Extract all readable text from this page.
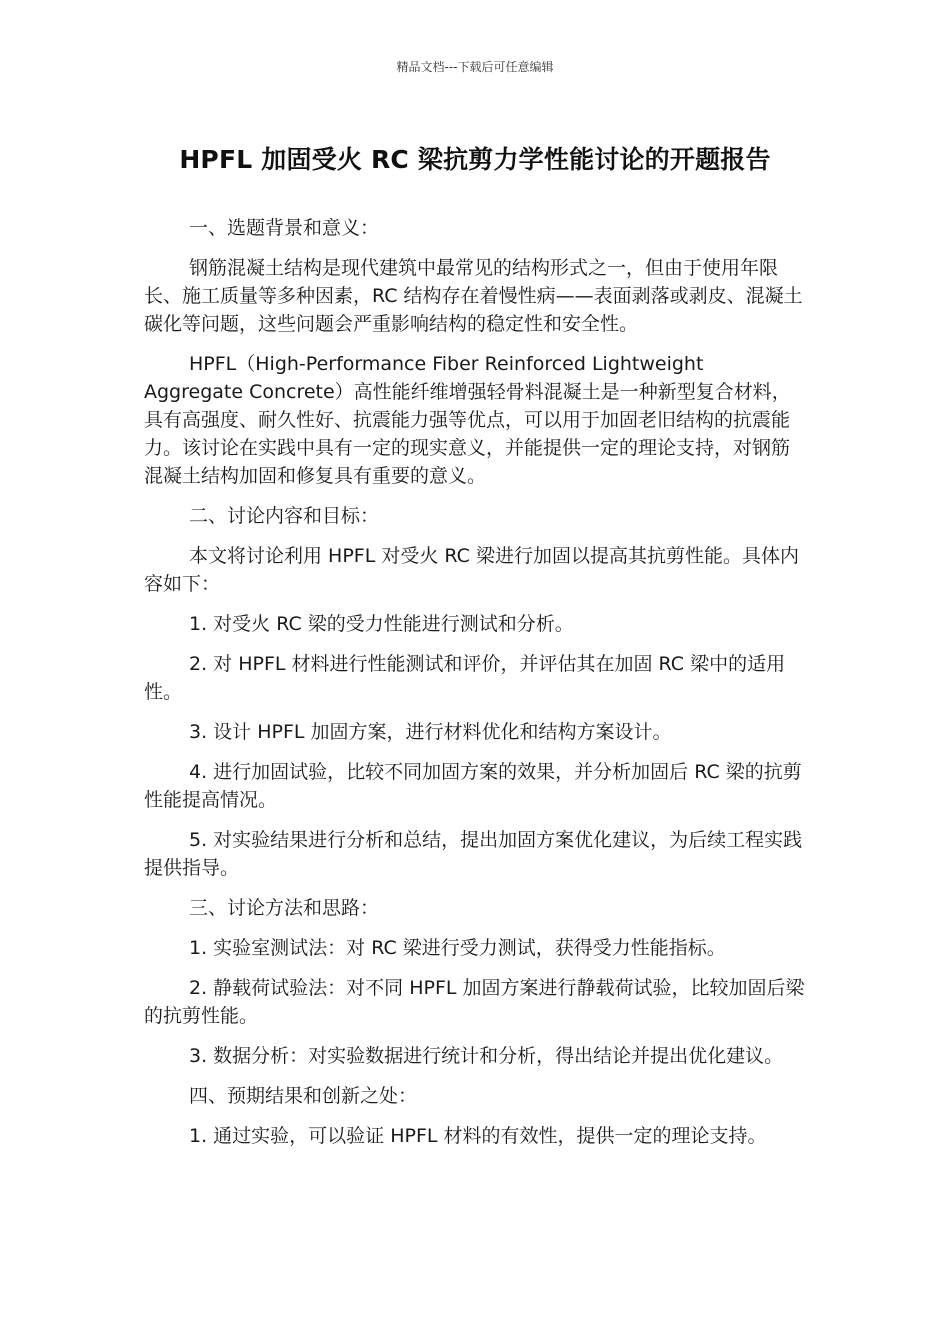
精品文档---下载后可任意编辑
HPFL 加固受火 RC 梁抗剪力学性能讨论的开题报告

一、选题背景和意义：

钢筋混凝土结构是现代建筑中最常见的结构形式之一，但由于使用年限长、施工质量等多种因素，RC 结构存在着慢性病——表面剥落或剥皮、混凝土碳化等问题，这些问题会严重影响结构的稳定性和安全性。

HPFL（High-Performance Fiber Reinforced Lightweight Aggregate Concrete）高性能纤维增强轻骨料混凝土是一种新型复合材料，具有高强度、耐久性好、抗震能力强等优点，可以用于加固老旧结构的抗震能力。该讨论在实践中具有一定的现实意义，并能提供一定的理论支持，对钢筋混凝土结构加固和修复具有重要的意义。

二、讨论内容和目标：

本文将讨论利用 HPFL 对受火 RC 梁进行加固以提高其抗剪性能。具体内容如下：

1. 对受火 RC 梁的受力性能进行测试和分析。

2. 对 HPFL 材料进行性能测试和评价，并评估其在加固 RC 梁中的适用性。

3. 设计 HPFL 加固方案，进行材料优化和结构方案设计。

4. 进行加固试验，比较不同加固方案的效果，并分析加固后 RC 梁的抗剪性能提高情况。

5. 对实验结果进行分析和总结，提出加固方案优化建议，为后续工程实践提供指导。

三、讨论方法和思路：

1. 实验室测试法：对 RC 梁进行受力测试，获得受力性能指标。

2. 静载荷试验法：对不同 HPFL 加固方案进行静载荷试验，比较加固后梁的抗剪性能。

3. 数据分析：对实验数据进行统计和分析，得出结论并提出优化建议。

四、预期结果和创新之处：

1. 通过实验，可以验证 HPFL 材料的有效性，提供一定的理论支持。
